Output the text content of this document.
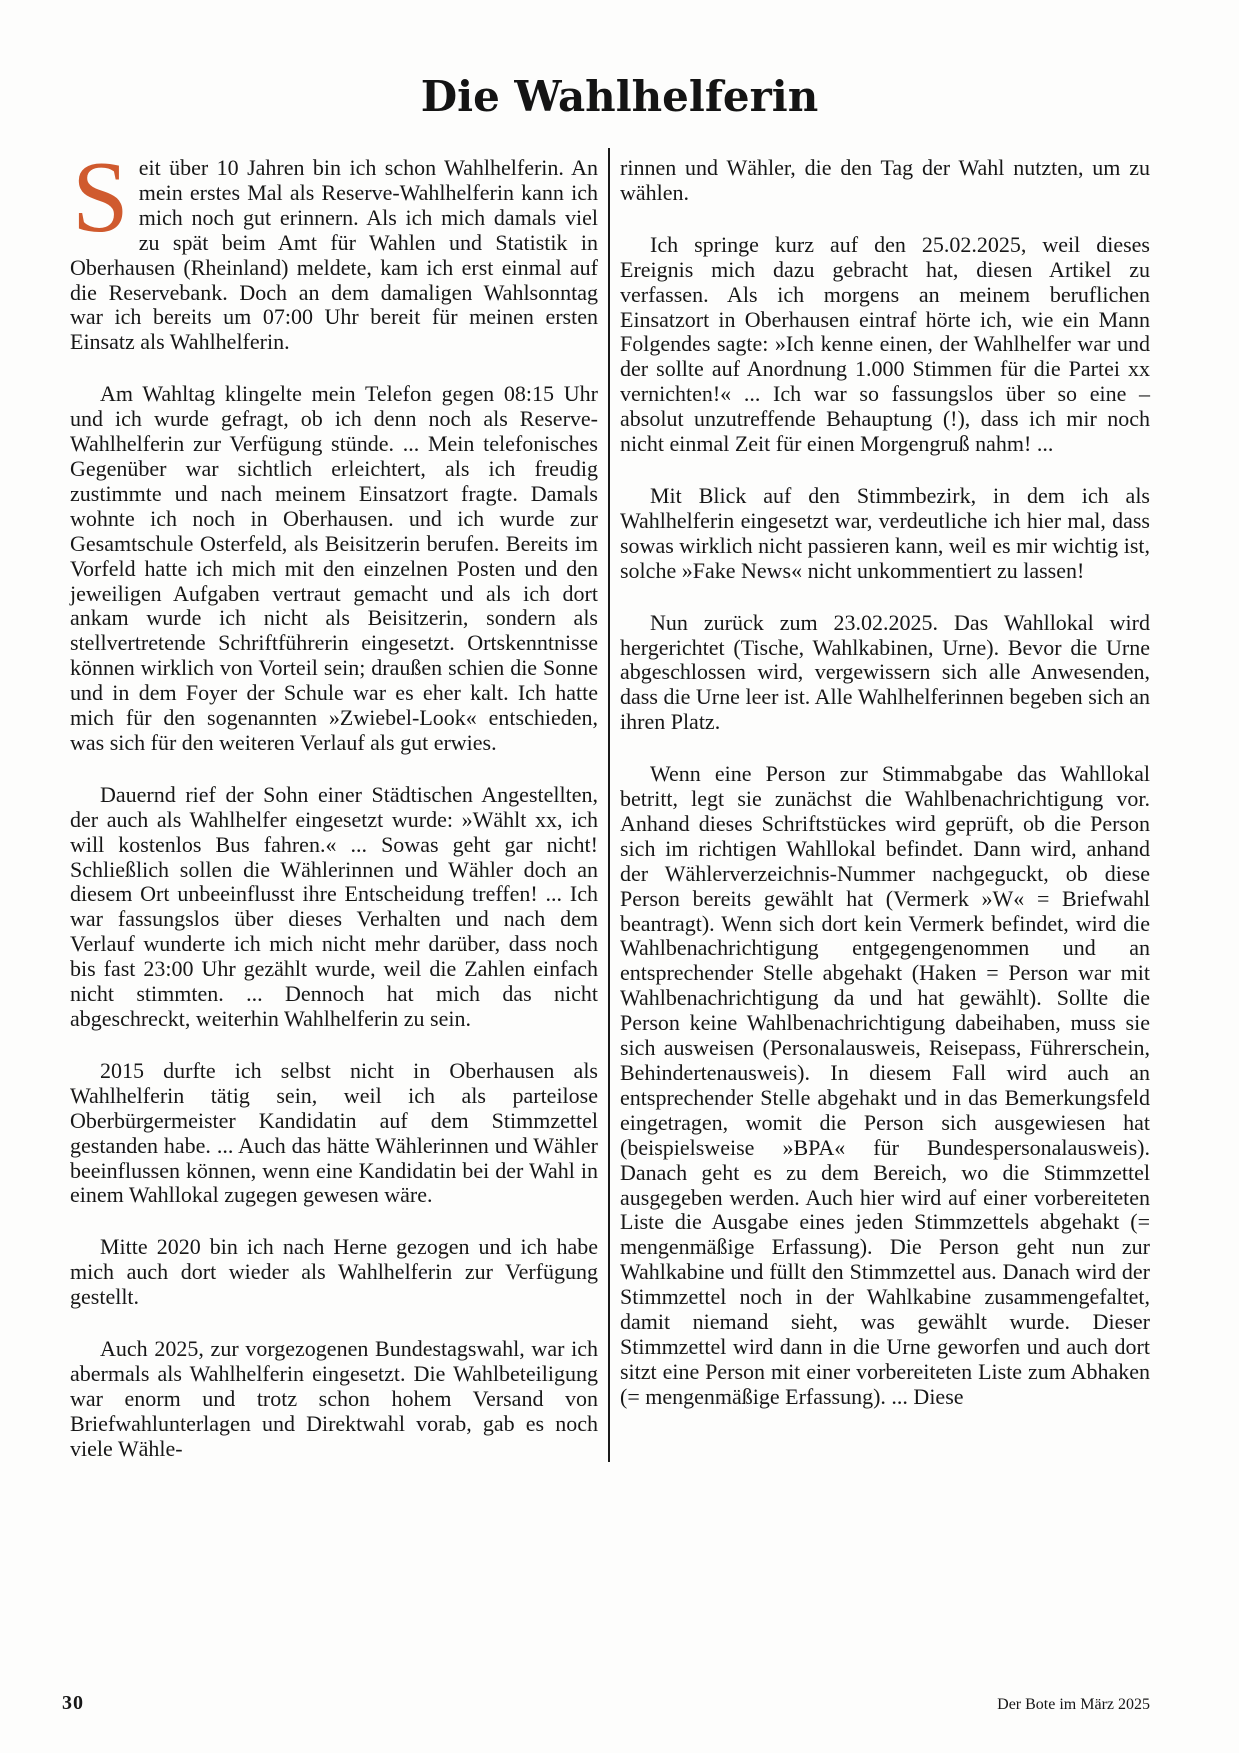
Die Wahlhelferin

Seit über 10 Jahren bin ich schon Wahlhelferin. An mein erstes Mal als Reserve-Wahlhelferin kann ich mich noch gut erinnern. Als ich mich damals viel zu spät beim Amt für Wahlen und Statistik in Oberhausen (Rheinland) meldete, kam ich erst einmal auf die Reservebank. Doch an dem damaligen Wahlsonntag war ich bereits um 07:00 Uhr bereit für meinen ersten Einsatz als Wahlhelferin.

Am Wahltag klingelte mein Telefon gegen 08:15 Uhr und ich wurde gefragt, ob ich denn noch als Reserve-Wahlhelferin zur Verfügung stünde. ... Mein telefonisches Gegenüber war sichtlich erleichtert, als ich freudig zustimmte und nach meinem Einsatzort fragte. Damals wohnte ich noch in Oberhausen. und ich wurde zur Gesamtschule Osterfeld, als Beisitzerin berufen. Bereits im Vorfeld hatte ich mich mit den einzelnen Posten und den jeweiligen Aufgaben vertraut gemacht und als ich dort ankam wurde ich nicht als Beisitzerin, sondern als stellvertretende Schriftführerin eingesetzt. Ortskenntnisse können wirklich von Vorteil sein; draußen schien die Sonne und in dem Foyer der Schule war es eher kalt. Ich hatte mich für den sogenannten »Zwiebel-Look« entschieden, was sich für den weiteren Verlauf als gut erwies.

Dauernd rief der Sohn einer Städtischen Angestellten, der auch als Wahlhelfer eingesetzt wurde: »Wählt xx, ich will kostenlos Bus fahren.« ... Sowas geht gar nicht! Schließlich sollen die Wählerinnen und Wähler doch an diesem Ort unbeeinflusst ihre Entscheidung treffen! ... Ich war fassungslos über dieses Verhalten und nach dem Verlauf wunderte ich mich nicht mehr darüber, dass noch bis fast 23:00 Uhr gezählt wurde, weil die Zahlen einfach nicht stimmten. ... Dennoch hat mich das nicht abgeschreckt, weiterhin Wahlhelferin zu sein.

2015 durfte ich selbst nicht in Oberhausen als Wahlhelferin tätig sein, weil ich als parteilose Oberbürgermeister Kandidatin auf dem Stimmzettel gestanden habe. ... Auch das hätte Wählerinnen und Wähler beeinflussen können, wenn eine Kandidatin bei der Wahl in einem Wahllokal zugegen gewesen wäre.

Mitte 2020 bin ich nach Herne gezogen und ich habe mich auch dort wieder als Wahlhelferin zur Verfügung gestellt.

Auch 2025, zur vorgezogenen Bundestagswahl, war ich abermals als Wahlhelferin eingesetzt. Die Wahlbeteiligung war enorm und trotz schon hohem Versand von Briefwahlunterlagen und Direktwahl vorab, gab es noch viele Wähle-

rinnen und Wähler, die den Tag der Wahl nutzten, um zu wählen.

Ich springe kurz auf den 25.02.2025, weil dieses Ereignis mich dazu gebracht hat, diesen Artikel zu verfassen. Als ich morgens an meinem beruflichen Einsatzort in Oberhausen eintraf hörte ich, wie ein Mann Folgendes sagte: »Ich kenne einen, der Wahlhelfer war und der sollte auf Anordnung 1.000 Stimmen für die Partei xx vernichten!« ... Ich war so fassungslos über so eine – absolut unzutreffende Behauptung (!), dass ich mir noch nicht einmal Zeit für einen Morgengruß nahm! ...

Mit Blick auf den Stimmbezirk, in dem ich als Wahlhelferin eingesetzt war, verdeutliche ich hier mal, dass sowas wirklich nicht passieren kann, weil es mir wichtig ist, solche »Fake News« nicht unkommentiert zu lassen!

Nun zurück zum 23.02.2025. Das Wahllokal wird hergerichtet (Tische, Wahlkabinen, Urne). Bevor die Urne abgeschlossen wird, vergewissern sich alle Anwesenden, dass die Urne leer ist. Alle Wahlhelferinnen begeben sich an ihren Platz.

Wenn eine Person zur Stimmabgabe das Wahllokal betritt, legt sie zunächst die Wahlbenachrichtigung vor. Anhand dieses Schriftstückes wird geprüft, ob die Person sich im richtigen Wahllokal befindet. Dann wird, anhand der Wählerverzeichnis-Nummer nachgeguckt, ob diese Person bereits gewählt hat (Vermerk »W« = Briefwahl beantragt). Wenn sich dort kein Vermerk befindet, wird die Wahlbenachrichtigung entgegengenommen und an entsprechender Stelle abgehakt (Haken = Person war mit Wahlbenachrichtigung da und hat gewählt). Sollte die Person keine Wahlbenachrichtigung dabeihaben, muss sie sich ausweisen (Personalausweis, Reisepass, Führerschein, Behindertenausweis). In diesem Fall wird auch an entsprechender Stelle abgehakt und in das Bemerkungsfeld eingetragen, womit die Person sich ausgewiesen hat (beispielsweise »BPA« für Bundespersonalausweis). Danach geht es zu dem Bereich, wo die Stimmzettel ausgegeben werden. Auch hier wird auf einer vorbereiteten Liste die Ausgabe eines jeden Stimmzettels abgehakt (= mengenmäßige Erfassung). Die Person geht nun zur Wahlkabine und füllt den Stimmzettel aus. Danach wird der Stimmzettel noch in der Wahlkabine zusammengefaltet, damit niemand sieht, was gewählt wurde. Dieser Stimmzettel wird dann in die Urne geworfen und auch dort sitzt eine Person mit einer vorbereiteten Liste zum Abhaken (= mengenmäßige Erfassung). ... Diese

30	Der Bote im März 2025
